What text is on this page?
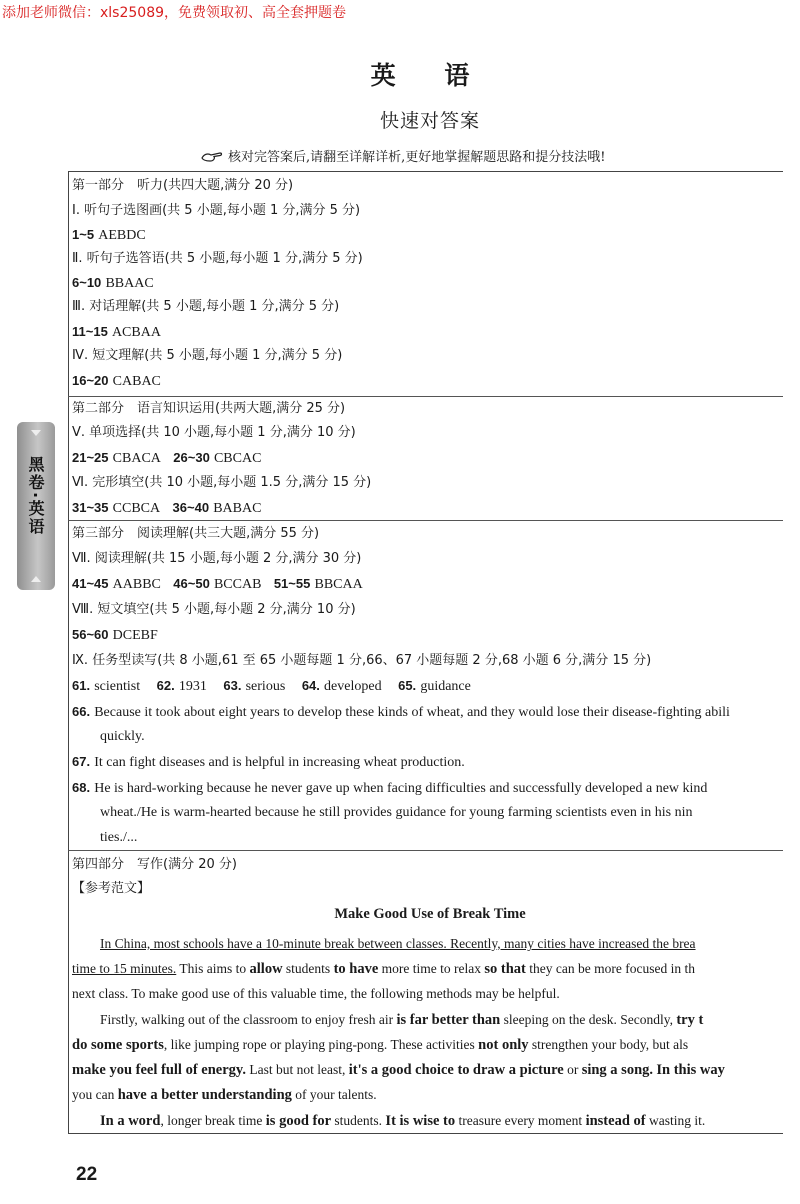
添加老师微信：xls25089，免费领取初、高全套押题卷
英 语
快速对答案
核对完答案后,请翻至详解详析,更好地掌握解题思路和提分技法哦!
黑卷·英语
第一部分　听力(共四大题,满分 20 分)
Ⅰ. 听句子选图画(共 5 小题,每小题 1 分,满分 5 分)
1~5 AEBDC
Ⅱ. 听句子选答语(共 5 小题,每小题 1 分,满分 5 分)
6~10 BBAAC
Ⅲ. 对话理解(共 5 小题,每小题 1 分,满分 5 分)
11~15 ACBAA
Ⅳ. 短文理解(共 5 小题,每小题 1 分,满分 5 分)
16~20 CABAC
第二部分　语言知识运用(共两大题,满分 25 分)
Ⅴ. 单项选择(共 10 小题,每小题 1 分,满分 10 分)
21~25 CBACA 26~30 CBCAC
Ⅵ. 完形填空(共 10 小题,每小题 1.5 分,满分 15 分)
31~35 CCBCA 36~40 BABAC
第三部分　阅读理解(共三大题,满分 55 分)
Ⅶ. 阅读理解(共 15 小题,每小题 2 分,满分 30 分)
41~45 AABBC 46~50 BCCAB 51~55 BBCAA
Ⅷ. 短文填空(共 5 小题,每小题 2 分,满分 10 分)
56~60 DCEBF
Ⅸ. 任务型读写(共 8 小题,61 至 65 小题每题 1 分,66、67 小题每题 2 分,68 小题 6 分,满分 15 分)
61. scientist 62. 1931 63. serious 64. developed 65. guidance
66. Because it took about eight years to develop these kinds of wheat, and they would lose their disease-fighting abili
quickly.
67. It can fight diseases and is helpful in increasing wheat production.
68. He is hard-working because he never gave up when facing difficulties and successfully developed a new kind
wheat./He is warm-hearted because he still provides guidance for young farming scientists even in his nin
ties./...
第四部分　写作(满分 20 分)
【参考范文】
Make Good Use of Break Time
In China, most schools have a 10-minute break between classes. Recently, many cities have increased the brea
time to 15 minutes. This aims to allow students to have more time to relax so that they can be more focused in th
next class. To make good use of this valuable time, the following methods may be helpful.
Firstly, walking out of the classroom to enjoy fresh air is far better than sleeping on the desk. Secondly, try t
do some sports, like jumping rope or playing ping-pong. These activities not only strengthen your body, but als
make you feel full of energy. Last but not least, it's a good choice to draw a picture or sing a song. In this way
you can have a better understanding of your talents.
In a word, longer break time is good for students. It is wise to treasure every moment instead of wasting it.
22
